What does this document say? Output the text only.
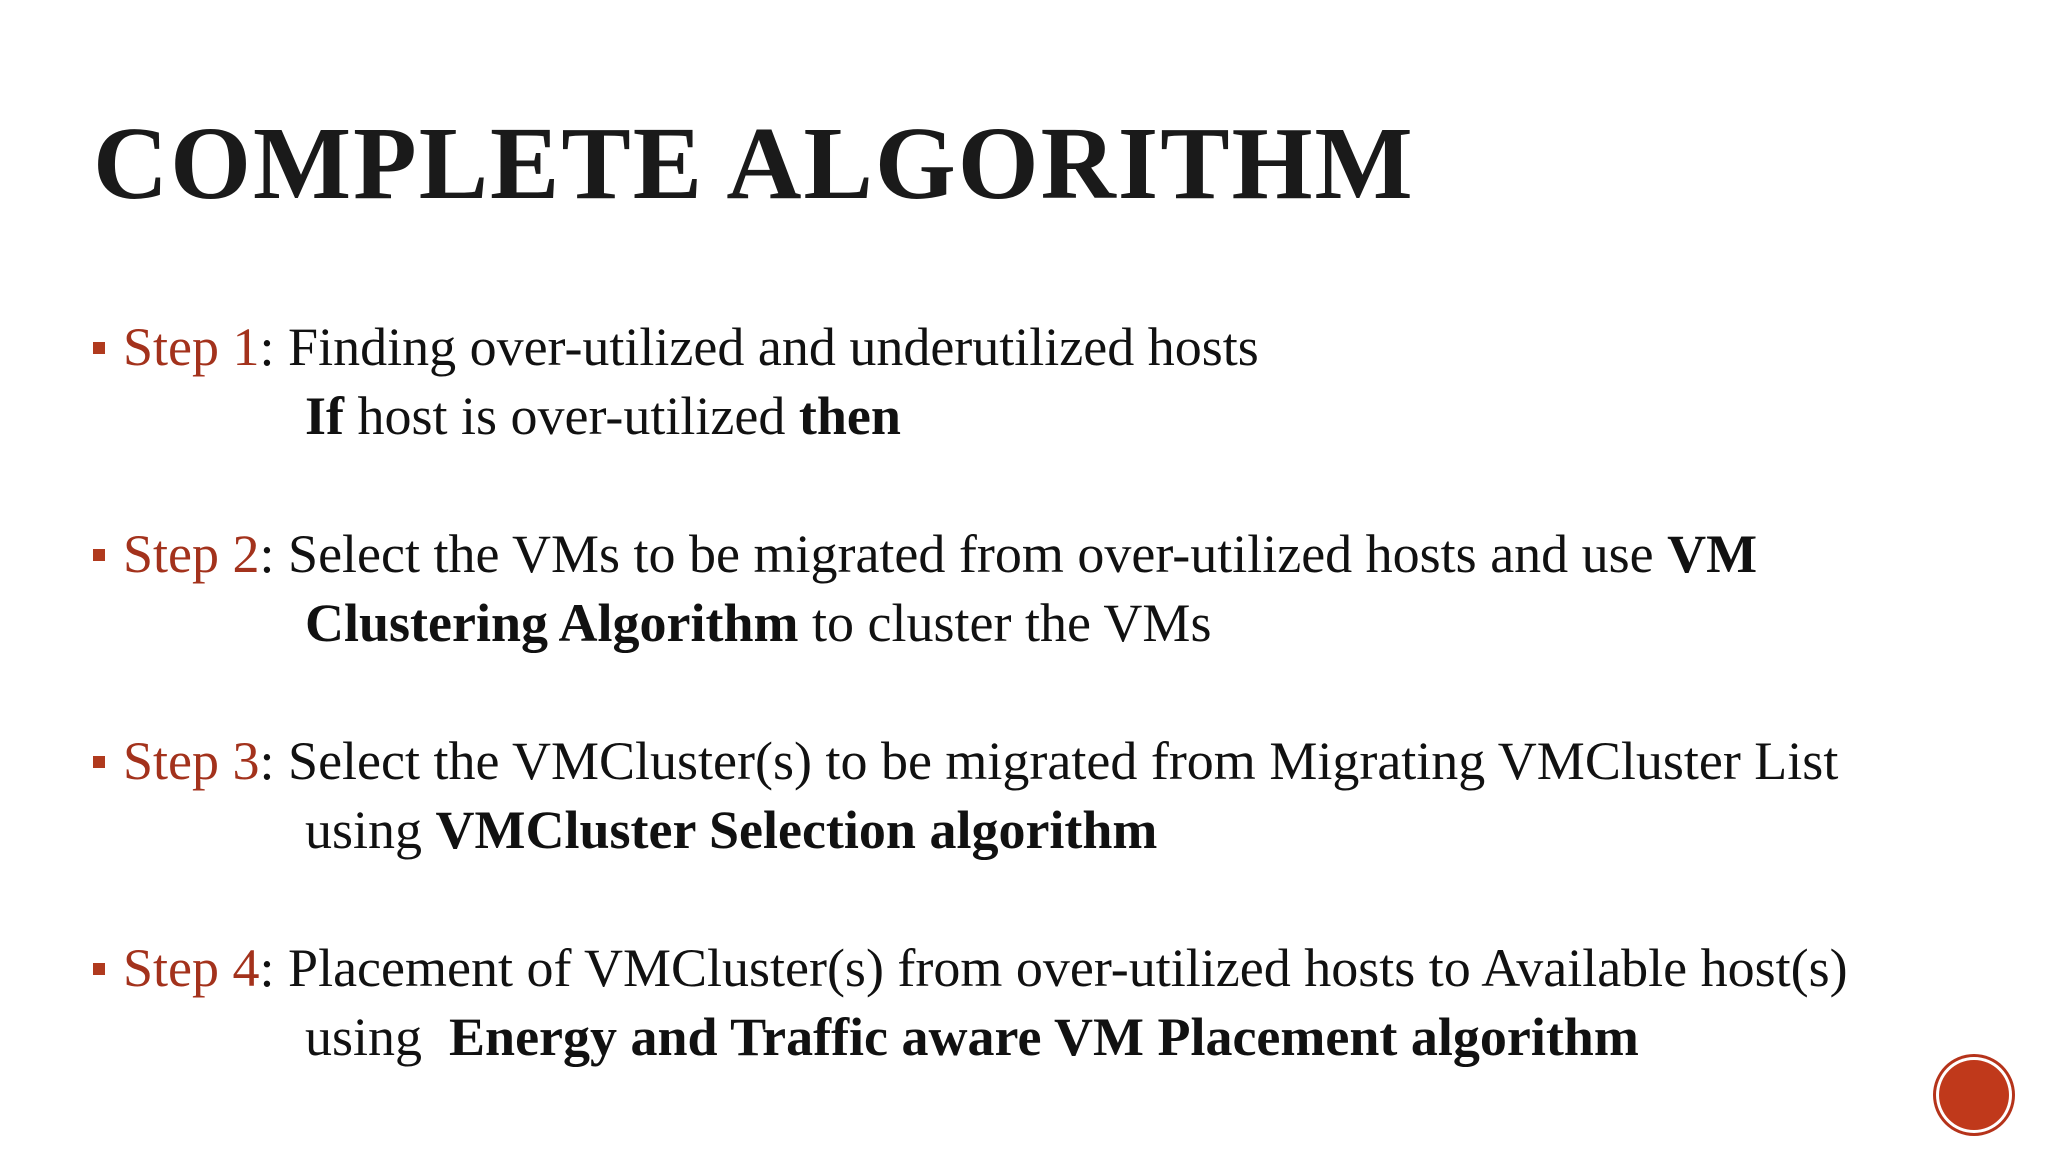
COMPLETE ALGORITHM
Step 1: Finding over-utilized and underutilized hosts
If host is over-utilized then
Step 2: Select the VMs to be migrated from over-utilized hosts and use VM
Clustering Algorithm to cluster the VMs
Step 3: Select the VMCluster(s) to be migrated from Migrating VMCluster List
using VMCluster Selection algorithm
Step 4: Placement of VMCluster(s) from over-utilized hosts to Available host(s)
using  Energy and Traffic aware VM Placement algorithm
